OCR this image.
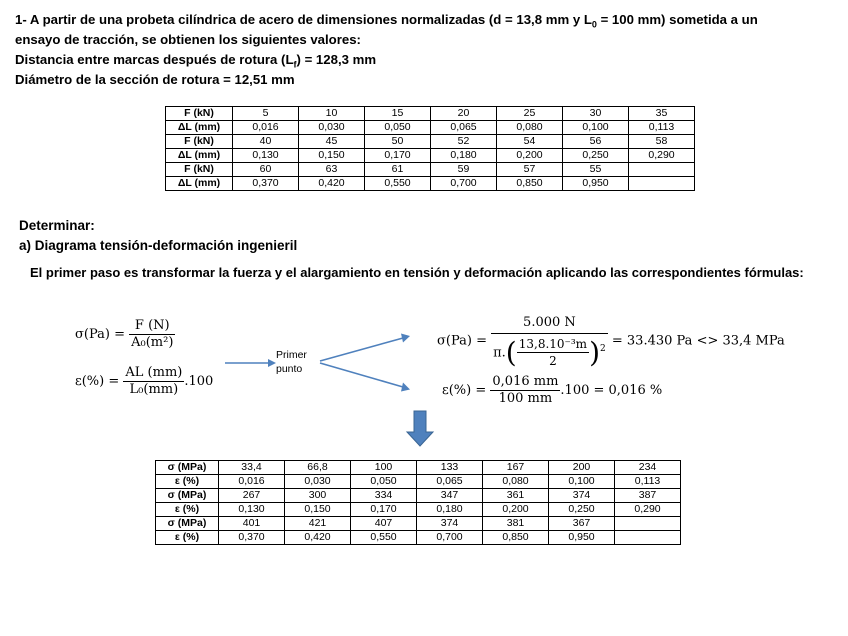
1- A partir de una probeta cilíndrica de acero de dimensiones normalizadas (d = 13,8 mm y $L_0 = 100$ mm) sometida a un
ensayo de tracción, se obtienen los siguientes valores:
Distancia entre marcas después de rotura $(L_f) = 128,3$ mm
Diámetro de la sección de rotura = 12,51 mm
F (kN)	5	10	15	20	25	30	35
ΔL (mm)	0,016	0,030	0,050	0,065	0,080	0,100	0,113
F (kN)	40	45	50	52	54	56	58
ΔL (mm)	0,130	0,150	0,170	0,180	0,200	0,250	0,290
F (kN)	60	63	61	59	57	55	
ΔL (mm)	0,370	0,420	0,550	0,700	0,850	0,950	
Determinar:
a) Diagrama tensión-deformación ingenieril
El primer paso es transformar la fuerza y el alargamiento en tensión y deformación aplicando las correspondientes fórmulas:
$\sigma(Pa) = \frac{F (N)}{\text{A₀(m²)}}$
$\varepsilon(\%) = \frac{AL (mm)}{\text{L₀(mm)}} .100$
Primer
punto
$\sigma(Pa) = \frac{5.000 N}{\pi.( \frac{\text{13,8.10⁻³m}}{2} )^2} = 33.430$ Pa <> 33,4 MPa
$\varepsilon(\%) = \frac{0,016 mm}{100 mm} .100 = 0,016$ %
σ (MPa)	33,4	66,8	100	133	167	200	234
ε (%)	0,016	0,030	0,050	0,065	0,080	0,100	0,113
σ (MPa)	267	300	334	347	361	374	387
ε (%)	0,130	0,150	0,170	0,180	0,200	0,250	0,290
σ (MPa)	401	421	407	374	381	367	
ε (%)	0,370	0,420	0,550	0,700	0,850	0,950	
